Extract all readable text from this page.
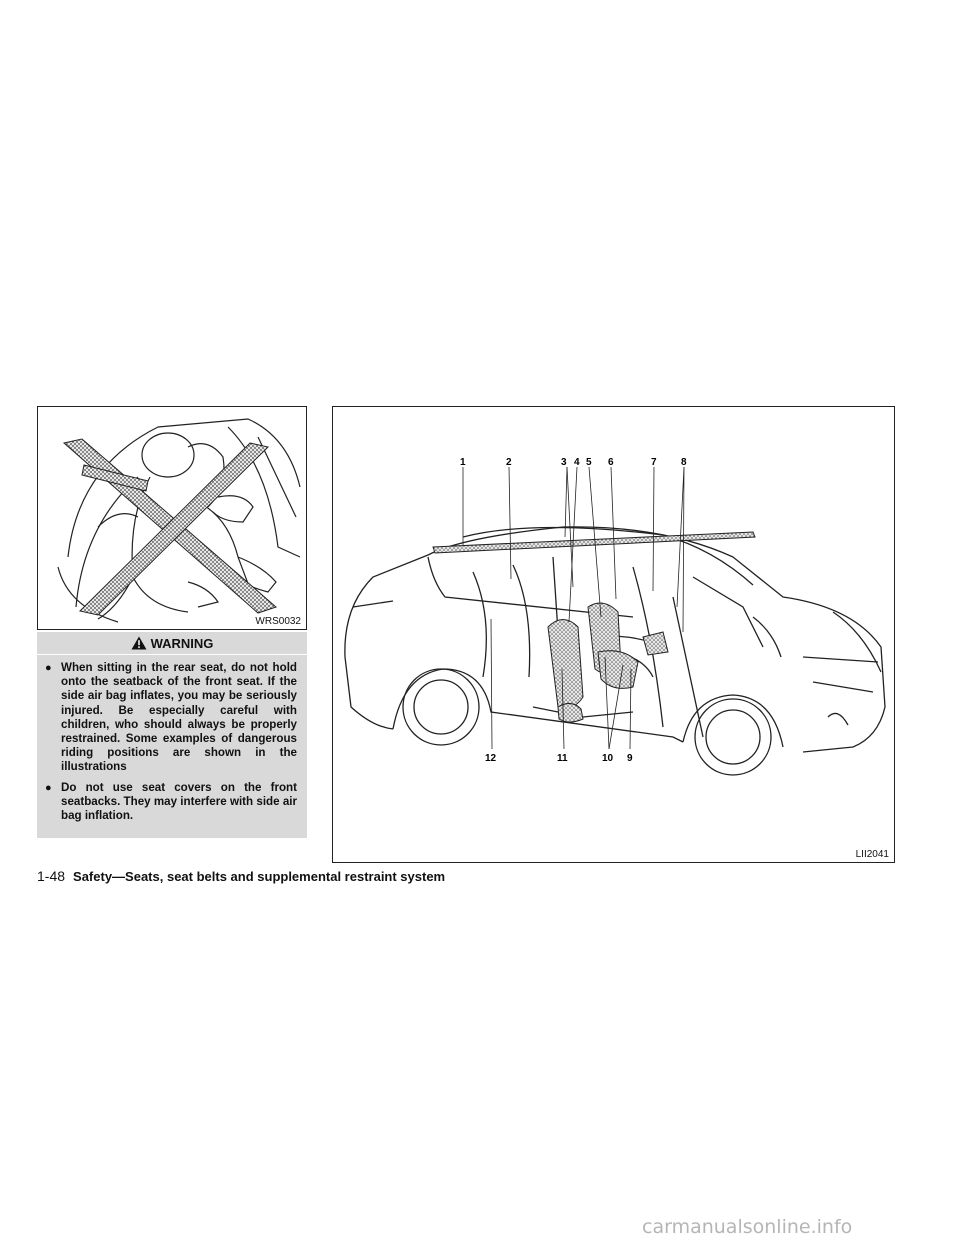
WRS0032
WARNING
● When sitting in the rear seat, do not hold onto the seatback of the front seat. If the side air bag inflates, you may be seriously injured. Be especially careful with children, who should always be properly restrained. Some examples of dangerous riding positions are shown in the illustrations
● Do not use seat covers on the front seatbacks. They may interfere with side air bag inflation.
1	2	3 4 5 6	7 8
9
10
11
12
LII2041
1-48 Safety—Seats, seat belts and supplemental restraint system
carmanualsonline.info
